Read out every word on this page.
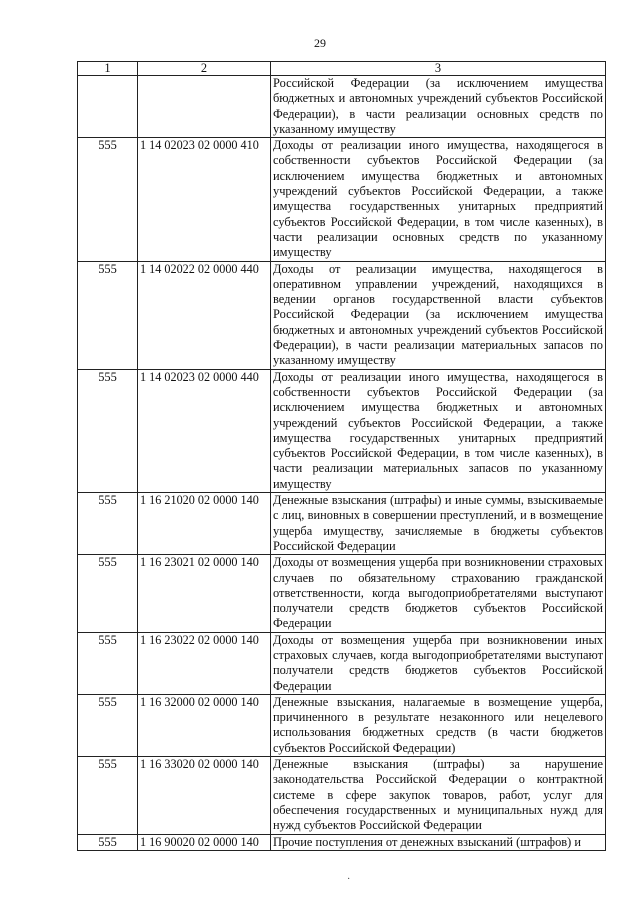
29
1	2	3
		Российской Федерации (за исключением имущества бюджетных и автономных учреждений субъектов Российской Федерации), в части реализации основных средств по указанному имуществу
555	1 14 02023 02 0000 410	Доходы от реализации иного имущества, находящегося в собственности субъектов Российской Федерации (за исключением имущества бюджетных и автономных учреждений субъектов Российской Федерации, а также имущества государственных унитарных предприятий субъектов Российской Федерации, в том числе казенных), в части реализации основных средств по указанному имуществу
555	1 14 02022 02 0000 440	Доходы от реализации имущества, находящегося в оперативном управлении учреждений, находящихся в ведении органов государственной власти субъектов Российской Федерации (за исключением имущества бюджетных и автономных учреждений субъектов Российской Федерации), в части реализации материальных запасов по указанному имуществу
555	1 14 02023 02 0000 440	Доходы от реализации иного имущества, находящегося в собственности субъектов Российской Федерации (за исключением имущества бюджетных и автономных учреждений субъектов Российской Федерации, а также имущества государственных унитарных предприятий субъектов Российской Федерации, в том числе казенных), в части реализации материальных запасов по указанному имуществу
555	1 16 21020 02 0000 140	Денежные взыскания (штрафы) и иные суммы, взыскиваемые с лиц, виновных в совершении преступлений, и в возмещение ущерба имуществу, зачисляемые в бюджеты субъектов Российской Федерации
555	1 16 23021 02 0000 140	Доходы от возмещения ущерба при возникновении страховых случаев по обязательному страхованию гражданской ответственности, когда выгодоприобретателями выступают получатели средств бюджетов субъектов Российской Федерации
555	1 16 23022 02 0000 140	Доходы от возмещения ущерба при возникновении иных страховых случаев, когда выгодоприобретателями выступают получатели средств бюджетов субъектов Российской Федерации
555	1 16 32000 02 0000 140	Денежные взыскания, налагаемые в возмещение ущерба, причиненного в результате незаконного или нецелевого использования бюджетных средств (в части бюджетов субъектов Российской Федерации)
555	1 16 33020 02 0000 140	Денежные взыскания (штрафы) за нарушение законодательства Российской Федерации о контрактной системе в сфере закупок товаров, работ, услуг для обеспечения государственных и муниципальных нужд для нужд субъектов Российской Федерации
555	1 16 90020 02 0000 140	Прочие поступления от денежных взысканий (штрафов) и
·
